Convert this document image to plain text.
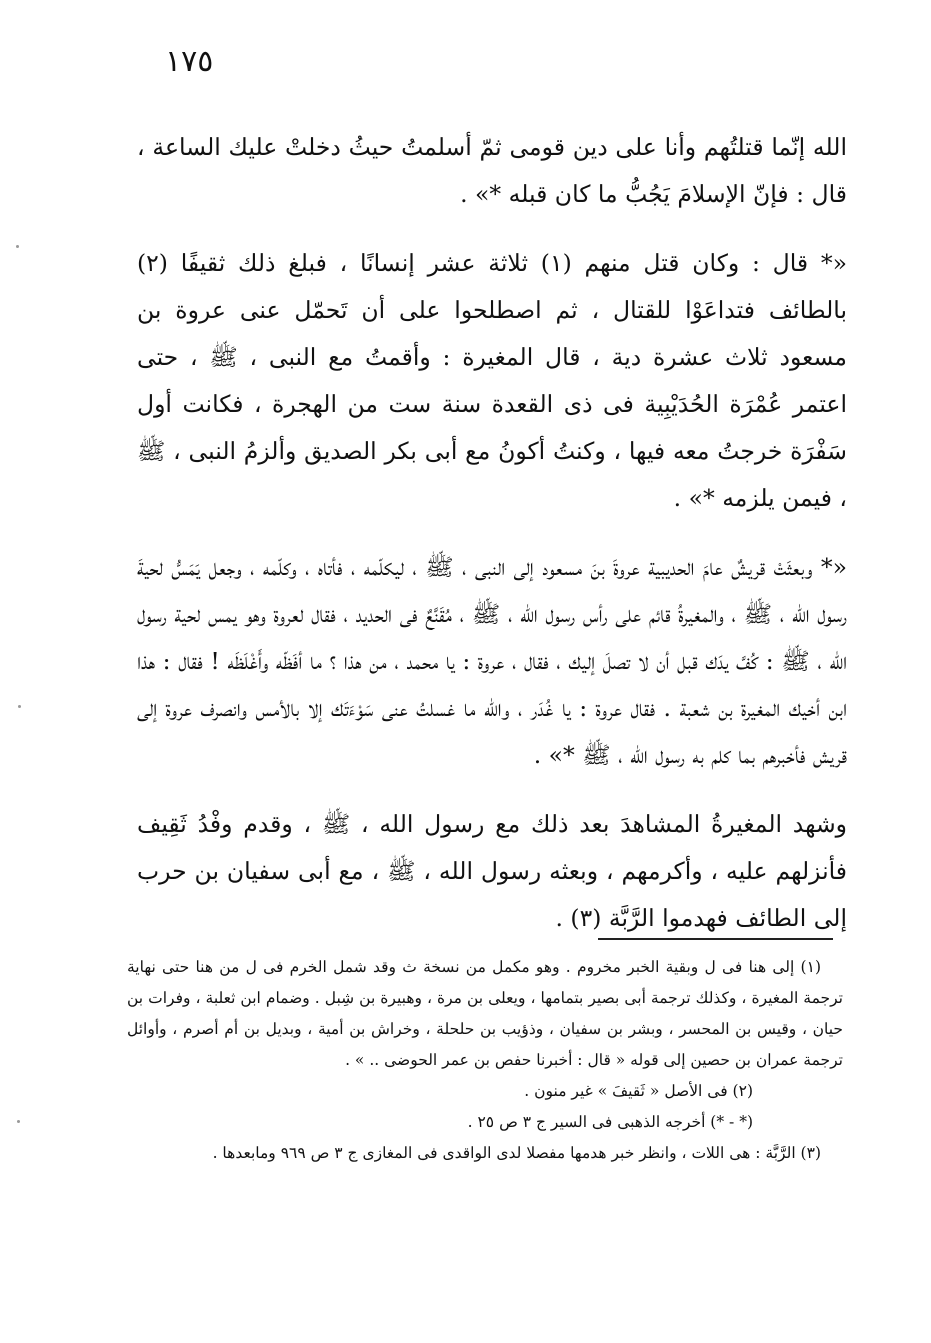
١٧٥

الله إنّما قتلتُهم وأنا على دين قومى ثمّ أسلمتُ حيثُ دخلتْ عليك الساعة ، قال : فإنّ الإسلامَ يَجُبُّ ما كان قبله *» .

«* قال : وكان قتل منهم (١) ثلاثة عشر إنسانًا ، فبلغ ذلك ثقيفًا (٢) بالطائف فتداعَوْا للقتال ، ثم اصطلحوا على أن تَحمّل عنى عروة بن مسعود ثلاث عشرة دية ، قال المغيرة : وأقمتُ مع النبى ، ﷺ ، حتى اعتمر عُمْرَة الحُدَيْبِية فى ذى القعدة سنة ست من الهجرة ، فكانت أول سَفْرَة خرجتُ معه فيها ، وكنتُ أكونُ مع أبى بكر الصديق وألزمُ النبى ، ﷺ ، فيمن يلزمه *» .

«* وبعثَتْ قريشٌ عامَ الحديبية عروةَ بنَ مسعود إلى النبى ، ﷺ ، ليكلّمه ، فأتاه ، وكلّمه ، وجعل يَمَسُّ لحيةَ رسول الله ، ﷺ ، والمغيرةُ قائم على رأس رسول الله ، ﷺ ، مُقَنَّعٌ فى الحديد ، فقال لعروة وهو يمس لحية رسول الله ، ﷺ : كُفَّ يدَك قبل أن لا تصلَ إليك ، فقال ، عروة : يا محمد ، من هذا ؟ ما أفَظّه وأَغْلَظَه ! فقال : هذا ابن أخيك المغيرة بن شعبة . فقال عروة : يا غُدَر ، والله ما غسلتُ عنى سَوْءَتَك إلا بالأمس وانصرف عروة إلى قريش فأخبرهم بما كلم به رسول الله ، ﷺ *» .

وشهد المغيرةُ المشاهدَ بعد ذلك مع رسول الله ، ﷺ ، وقدم وفْدُ ثَقِيف فأنزلهم عليه ، وأكرمهم ، وبعثه رسول الله ، ﷺ ، مع أبى سفيان بن حرب إلى الطائف فهدموا الرَّبَّة (٣) .

(١) إلى هنا فى ل وبقية الخبر مخروم . وهو مكمل من نسخة ث وقد شمل الخرم فى ل من هنا حتى نهاية ترجمة المغيرة ، وكذلك ترجمة أبى بصير بتمامها ، ويعلى بن مرة ، وهبيرة بن شِبل . وضمام ابن ثعلبة ، وفرات بن حيان ، وقيس بن المحسر ، وبشر بن سفيان ، وذؤيب بن حلحلة ، وخراش بن أمية ، وبديل بن أم أصرم ، وأوائل ترجمة عمران بن حصين إلى قوله « قال : أخبرنا حفص بن عمر الحوضى .. » .

(٢) فى الأصل « ثَقيفَ » غير منون .

(* - *) أخرجه الذهبى فى السير ج ٣ ص ٢٥ .

(٣) الرَّبَّة : هى اللات ، وانظر خبر هدمها مفصلا لدى الواقدى فى المغازى ج ٣ ص ٩٦٩ ومابعدها .
